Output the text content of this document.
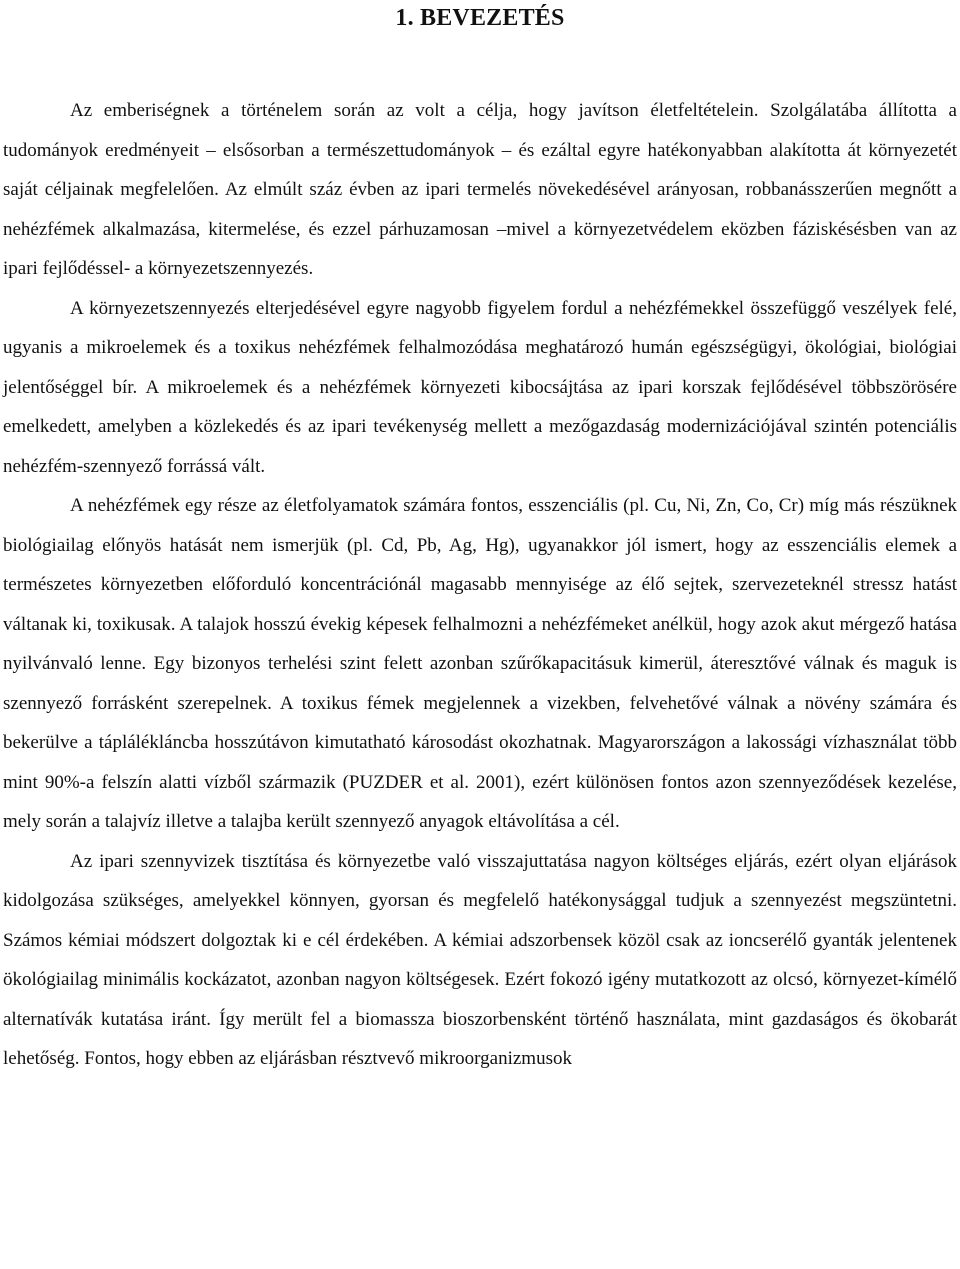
1. BEVEZETÉS

Az emberiségnek a történelem során az volt a célja, hogy javítson életfeltételein. Szolgálatába állította a tudományok eredményeit – elsősorban a természettudományok – és ezáltal egyre hatékonyabban alakította át környezetét saját céljainak megfelelően. Az elmúlt száz évben az ipari termelés növekedésével arányosan, robbanásszerűen megnőtt a nehézfémek alkalmazása, kitermelése, és ezzel párhuzamosan –mivel a környezetvédelem eközben fáziskésésben van az ipari fejlődéssel- a környezetszennyezés.

A környezetszennyezés elterjedésével egyre nagyobb figyelem fordul a nehézfémekkel összefüggő veszélyek felé, ugyanis a mikroelemek és a toxikus nehézfémek felhalmozódása meghatározó humán egészségügyi, ökológiai, biológiai jelentőséggel bír. A mikroelemek és a nehézfémek környezeti kibocsájtása az ipari korszak fejlődésével többszörösére emelkedett, amelyben a közlekedés és az ipari tevékenység mellett a mezőgazdaság modernizációjával szintén potenciális nehézfém-szennyező forrássá vált.

A nehézfémek egy része az életfolyamatok számára fontos, esszenciális (pl. Cu, Ni, Zn, Co, Cr) míg más részüknek biológiailag előnyös hatását nem ismerjük (pl. Cd, Pb, Ag, Hg), ugyanakkor jól ismert, hogy az esszenciális elemek a természetes környezetben előforduló koncentrációnál magasabb mennyisége az élő sejtek, szervezeteknél stressz hatást váltanak ki, toxikusak. A talajok hosszú évekig képesek felhalmozni a nehézfémeket anélkül, hogy azok akut mérgező hatása nyilvánvaló lenne. Egy bizonyos terhelési szint felett azonban szűrőkapacitásuk kimerül, áteresztővé válnak és maguk is szennyező forrásként szerepelnek. A toxikus fémek megjelennek a vizekben, felvehetővé válnak a növény számára és bekerülve a táplálékláncba hosszútávon kimutatható károsodást okozhatnak. Magyarországon a lakossági vízhasználat több mint 90%-a felszín alatti vízből származik (PUZDER et al. 2001), ezért különösen fontos azon szennyeződések kezelése, mely során a talajvíz illetve a talajba került szennyező anyagok eltávolítása a cél.

Az ipari szennyvizek tisztítása és környezetbe való visszajuttatása nagyon költséges eljárás, ezért olyan eljárások kidolgozása szükséges, amelyekkel könnyen, gyorsan és megfelelő hatékonysággal tudjuk a szennyezést megszüntetni. Számos kémiai módszert dolgoztak ki e cél érdekében. A kémiai adszorbensek közöl csak az ioncserélő gyanták jelentenek ökológiailag minimális kockázatot, azonban nagyon költségesek. Ezért fokozó igény mutatkozott az olcsó, környezet-kímélő alternatívák kutatása iránt. Így merült fel a biomassza bioszorbensként történő használata, mint gazdaságos és ökobarát lehetőség. Fontos, hogy ebben az eljárásban résztvevő mikroorganizmusok
